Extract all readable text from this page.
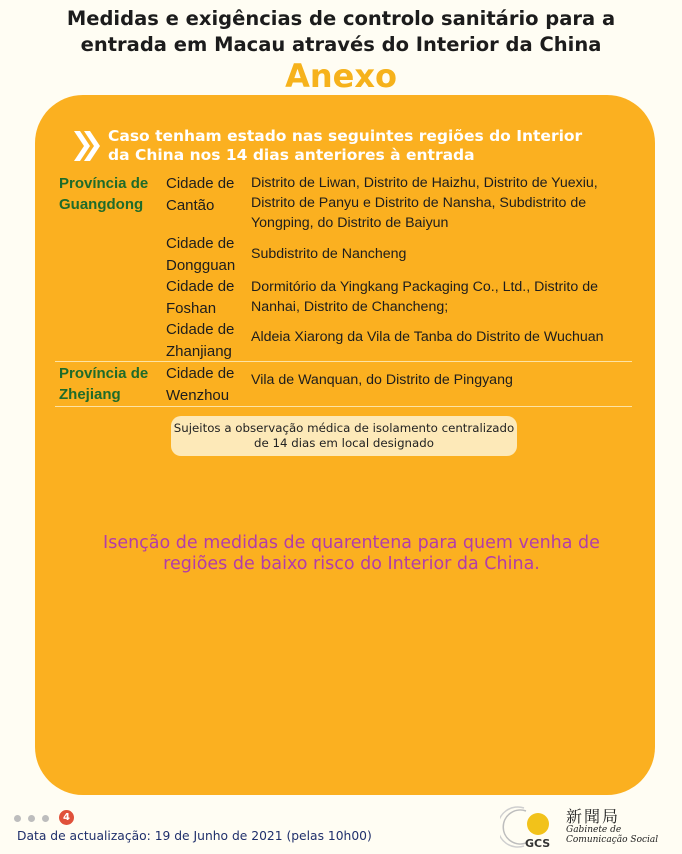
Medidas e exigências de controlo sanitário para a
entrada em Macau através do Interior da China
Anexo
Caso tenham estado nas seguintes regiões do Interior
da China nos 14 dias anteriores à entrada
Província de
Guangdong
Cidade de
Cantão
Distrito de Liwan, Distrito de Haizhu, Distrito de Yuexiu,
Distrito de Panyu e Distrito de Nansha, Subdistrito de
Yongping, do Distrito de Baiyun
Cidade de
Dongguan
Subdistrito de Nancheng
Cidade de
Foshan
Dormitório da Yingkang Packaging Co., Ltd., Distrito de
Nanhai, Distrito de Chancheng;
Cidade de
Zhanjiang
Aldeia Xiarong da Vila de Tanba do Distrito de Wuchuan
Província de
Zhejiang
Cidade de
Wenzhou
Vila de Wanquan, do Distrito de Pingyang
Sujeitos a observação médica de isolamento centralizado
de 14 dias em local designado
Isenção de medidas de quarentena para quem venha de
regiões de baixo risco do Interior da China.
4
Data de actualização: 19 de Junho de 2021 (pelas 10h00)
GCS
新聞局
Gabinete de
Comunicação Social
